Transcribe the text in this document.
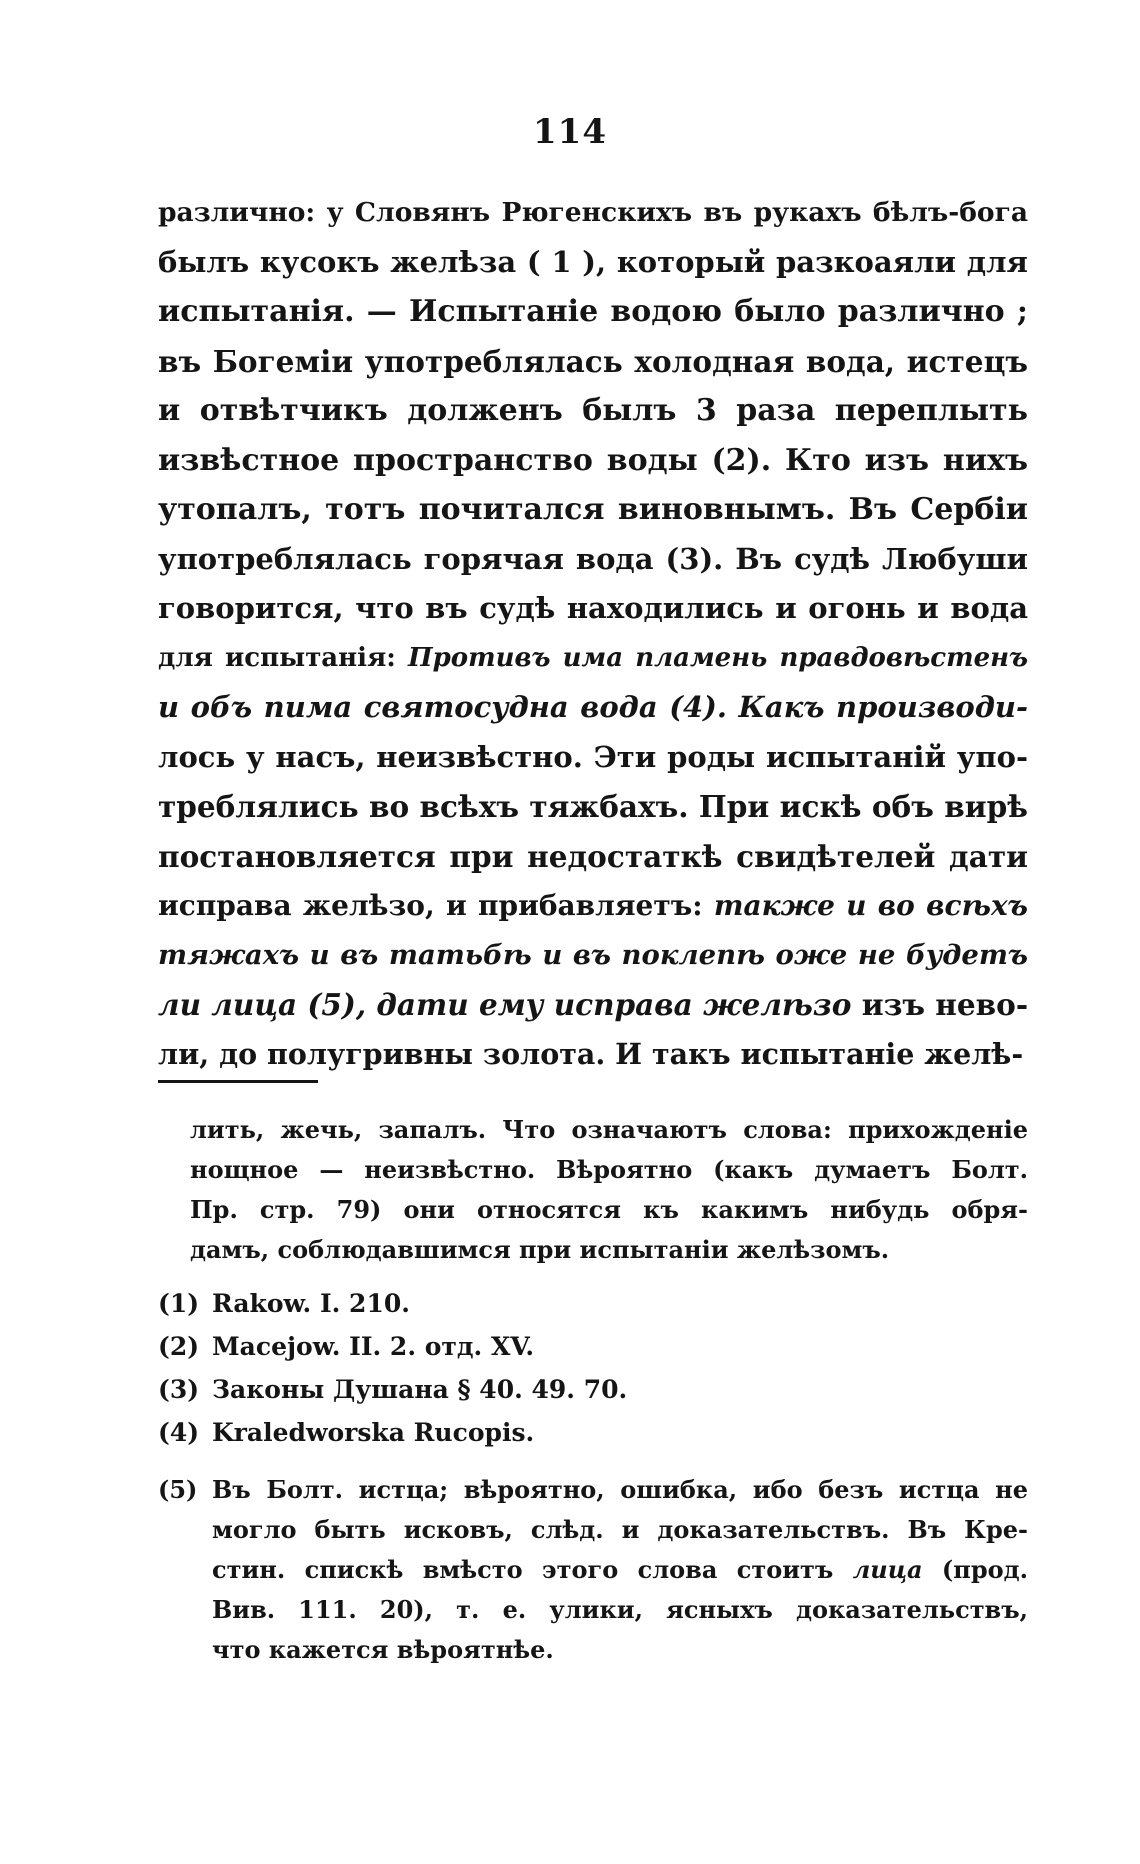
114
различно: у Словянъ Рюгенскихъ въ рукахъ бѣлъ-бога
былъ кусокъ желѣза ( 1 ), который разкоаяли для
испытанія. — Испытаніе водою было различно ;
въ Богеміи употреблялась холодная вода, истецъ
и отвѣтчикъ долженъ былъ 3 раза переплыть
извѣстное пространство воды (2). Кто изъ нихъ
утопалъ, тотъ почитался виновнымъ. Въ Сербіи
употреблялась горячая вода (3). Въ судѣ Любуши
говорится, что въ судѣ находились и огонь и вода
для испытанія: Противъ има пламень правдовѣстенъ
и объ пима святосудна вода (4). Какъ производи-
лось у насъ, неизвѣстно. Эти роды испытаній упо-
треблялись во всѣхъ тяжбахъ. При искѣ объ вирѣ
постановляется при недостаткѣ свидѣтелей дати
исправа желѣзо, и прибавляетъ: также и во всѣхъ
тяжахъ и въ татьбѣ и въ поклепѣ оже не будетъ
ли лица (5), дати ему исправа желѣзо изъ нево-
ли, до полугривны золота. И такъ испытаніе желѣ-
лить, жечь, запалъ. Что означаютъ слова: прихожденіе
нощное — неизвѣстно. Вѣроятно (какъ думаетъ Болт.
Пр. стр. 79) они относятся къ какимъ нибудь обря-
дамъ, соблюдавшимся при испытаніи желѣзомъ.
(1) Rakow. I. 210.
(2) Macejow. II. 2. отд. XV.
(3) Законы Душана § 40. 49. 70.
(4) Kraledworska Rucopis.
(5) Въ Болт. истца; вѣроятно, ошибка, ибо безъ истца не
могло быть исковъ, слѣд. и доказательствъ. Въ Кре-
стин. спискѣ вмѣсто этого слова стоитъ лица (прод.
Вив. 111. 20), т. е. улики, ясныхъ доказательствъ,
что кажется вѣроятнѣе.
